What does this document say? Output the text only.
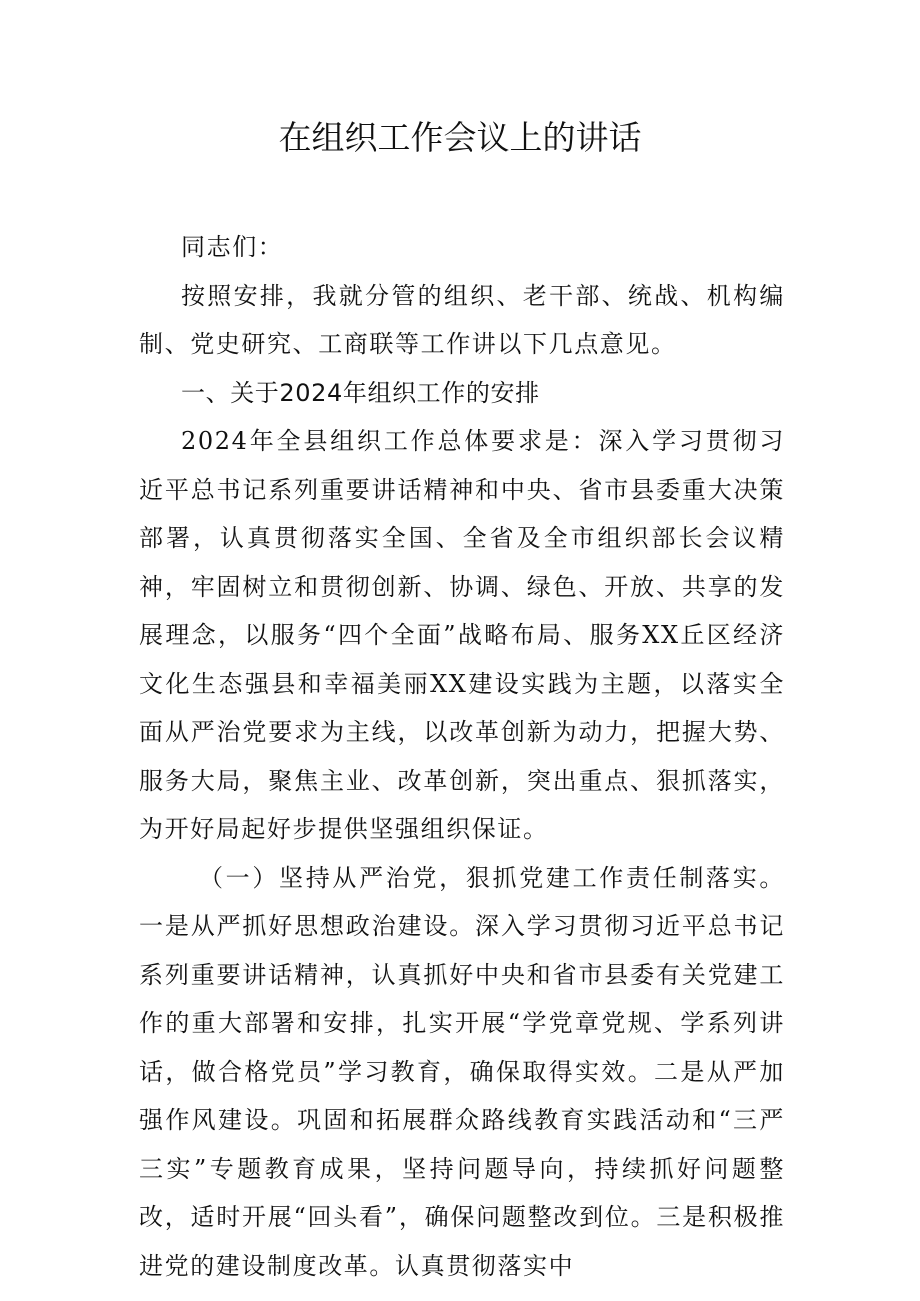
在组织工作会议上的讲话

同志们：

按照安排，我就分管的组织、老干部、统战、机构编制、党史研究、工商联等工作讲以下几点意见。

一、关于2024年组织工作的安排

2024年全县组织工作总体要求是：深入学习贯彻习近平总书记系列重要讲话精神和中央、省市县委重大决策部署，认真贯彻落实全国、全省及全市组织部长会议精神，牢固树立和贯彻创新、协调、绿色、开放、共享的发展理念，以服务“四个全面”战略布局、服务XX丘区经济文化生态强县和幸福美丽XX建设实践为主题，以落实全面从严治党要求为主线，以改革创新为动力，把握大势、服务大局，聚焦主业、改革创新，突出重点、狠抓落实，为开好局起好步提供坚强组织保证。

（一）坚持从严治党，狠抓党建工作责任制落实。一是从严抓好思想政治建设。深入学习贯彻习近平总书记系列重要讲话精神，认真抓好中央和省市县委有关党建工作的重大部署和安排，扎实开展“学党章党规、学系列讲话，做合格党员”学习教育，确保取得实效。二是从严加强作风建设。巩固和拓展群众路线教育实践活动和“三严三实”专题教育成果，坚持问题导向，持续抓好问题整改，适时开展“回头看”，确保问题整改到位。三是积极推进党的建设制度改革。认真贯彻落实中
